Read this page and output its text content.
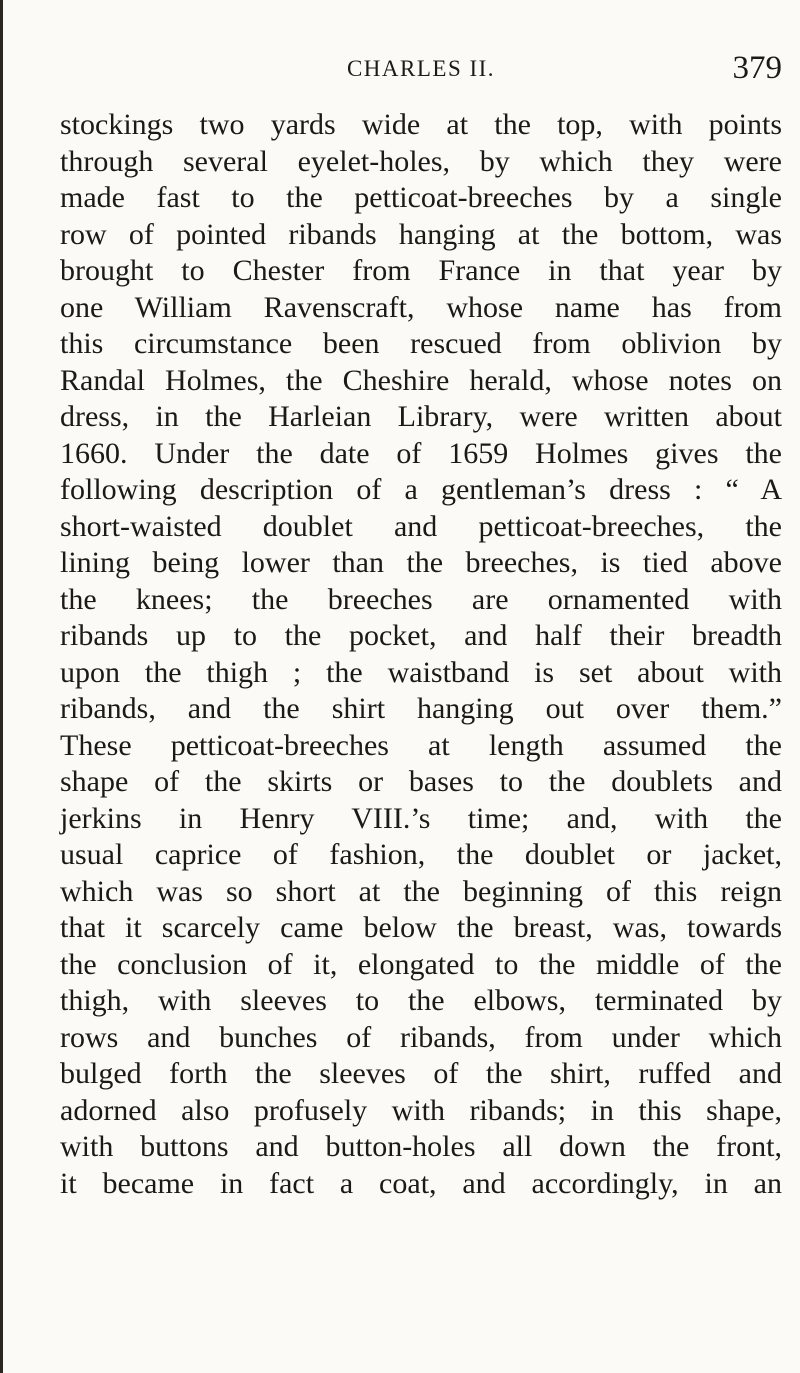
CHARLES II.	379
stockings two yards wide at the top, with points
through several eyelet-holes, by which they were
made fast to the petticoat-breeches by a single
row of pointed ribands hanging at the bottom, was
brought to Chester from France in that year by
one William Ravenscraft, whose name has from
this circumstance been rescued from oblivion by
Randal Holmes, the Cheshire herald, whose notes on
dress, in the Harleian Library, were written about
1660. Under the date of 1659 Holmes gives the
following description of a gentleman’s dress : “ A
short-waisted doublet and petticoat-breeches, the
lining being lower than the breeches, is tied above
the knees; the breeches are ornamented with
ribands up to the pocket, and half their breadth
upon the thigh ; the waistband is set about with
ribands, and the shirt hanging out over them.”
These petticoat-breeches at length assumed the
shape of the skirts or bases to the doublets and
jerkins in Henry VIII.’s time; and, with the
usual caprice of fashion, the doublet or jacket,
which was so short at the beginning of this reign
that it scarcely came below the breast, was, towards
the conclusion of it, elongated to the middle of the
thigh, with sleeves to the elbows, terminated by
rows and bunches of ribands, from under which
bulged forth the sleeves of the shirt, ruffed and
adorned also profusely with ribands; in this shape,
with buttons and button-holes all down the front,
it became in fact a coat, and accordingly, in an
